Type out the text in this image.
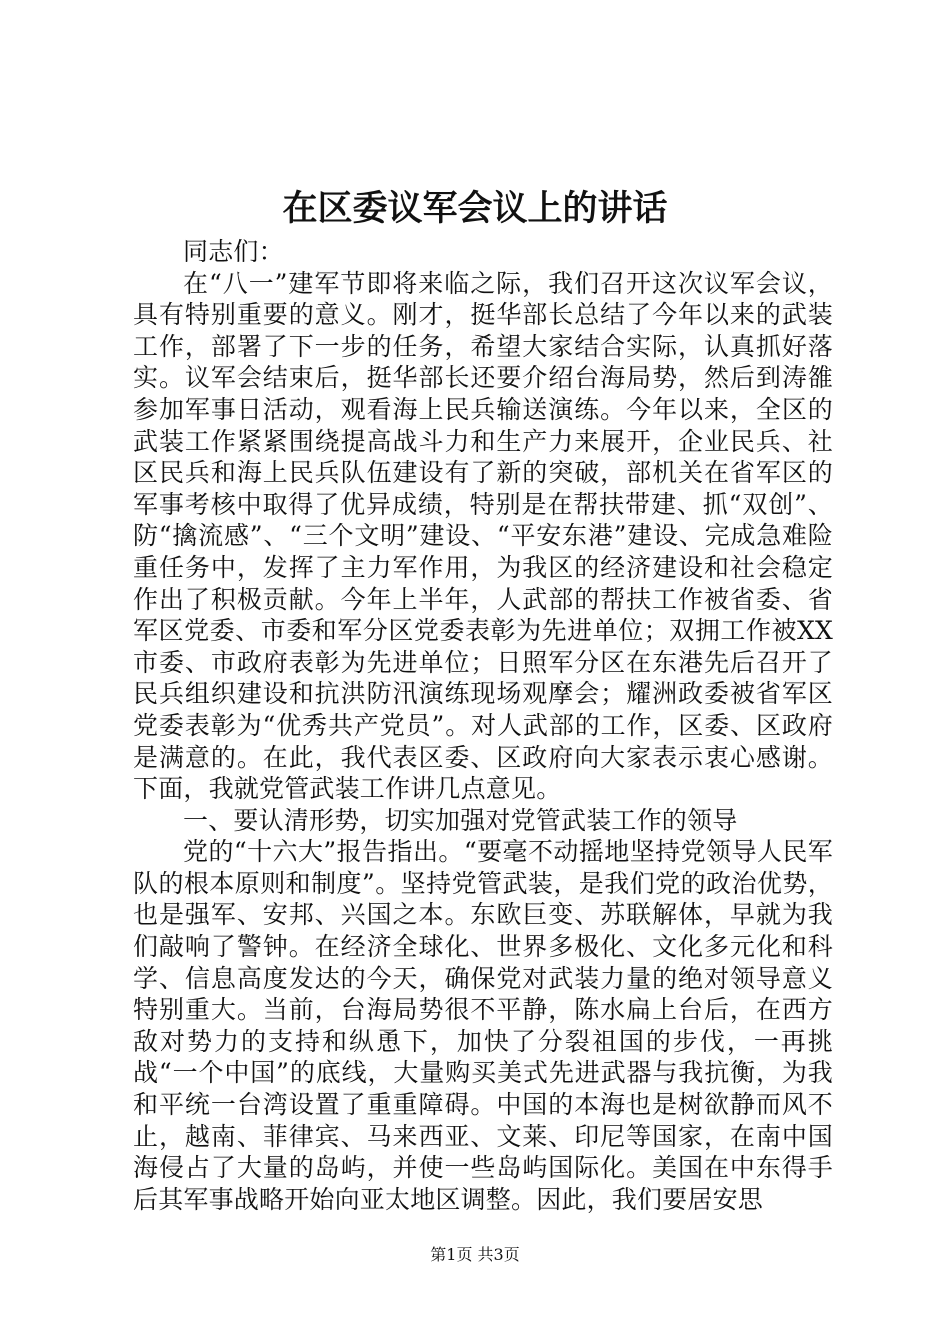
在区委议军会议上的讲话

同志们：

在“八一”建军节即将来临之际，我们召开这次议军会议，具有特别重要的意义。刚才，挺华部长总结了今年以来的武装工作，部署了下一步的任务，希望大家结合实际，认真抓好落实。议军会结束后，挺华部长还要介绍台海局势，然后到涛雒参加军事日活动，观看海上民兵输送演练。今年以来，全区的武装工作紧紧围绕提高战斗力和生产力来展开，企业民兵、社区民兵和海上民兵队伍建设有了新的突破，部机关在省军区的军事考核中取得了优异成绩，特别是在帮扶带建、抓“双创”、防“擒流感”、“三个文明”建设、“平安东港”建设、完成急难险重任务中，发挥了主力军作用，为我区的经济建设和社会稳定作出了积极贡献。今年上半年，人武部的帮扶工作被省委、省军区党委、市委和军分区党委表彰为先进单位；双拥工作被XX市委、市政府表彰为先进单位；日照军分区在东港先后召开了民兵组织建设和抗洪防汛演练现场观摩会；耀洲政委被省军区党委表彰为“优秀共产党员”。对人武部的工作，区委、区政府是满意的。在此，我代表区委、区政府向大家表示衷心感谢。下面，我就党管武装工作讲几点意见。

一、要认清形势，切实加强对党管武装工作的领导

党的“十六大”报告指出。“要毫不动摇地坚持党领导人民军队的根本原则和制度”。坚持党管武装，是我们党的政治优势，也是强军、安邦、兴国之本。东欧巨变、苏联解体，早就为我们敲响了警钟。在经济全球化、世界多极化、文化多元化和科学、信息高度发达的今天，确保党对武装力量的绝对领导意义特别重大。当前，台海局势很不平静，陈水扁上台后，在西方敌对势力的支持和纵恿下，加快了分裂祖国的步伐，一再挑战“一个中国”的底线，大量购买美式先进武器与我抗衡，为我和平统一台湾设置了重重障碍。中国的本海也是树欲静而风不止，越南、菲律宾、马来西亚、文莱、印尼等国家，在南中国海侵占了大量的岛屿，并使一些岛屿国际化。美国在中东得手后其军事战略开始向亚太地区调整。因此，我们要居安思

第1页 共3页
